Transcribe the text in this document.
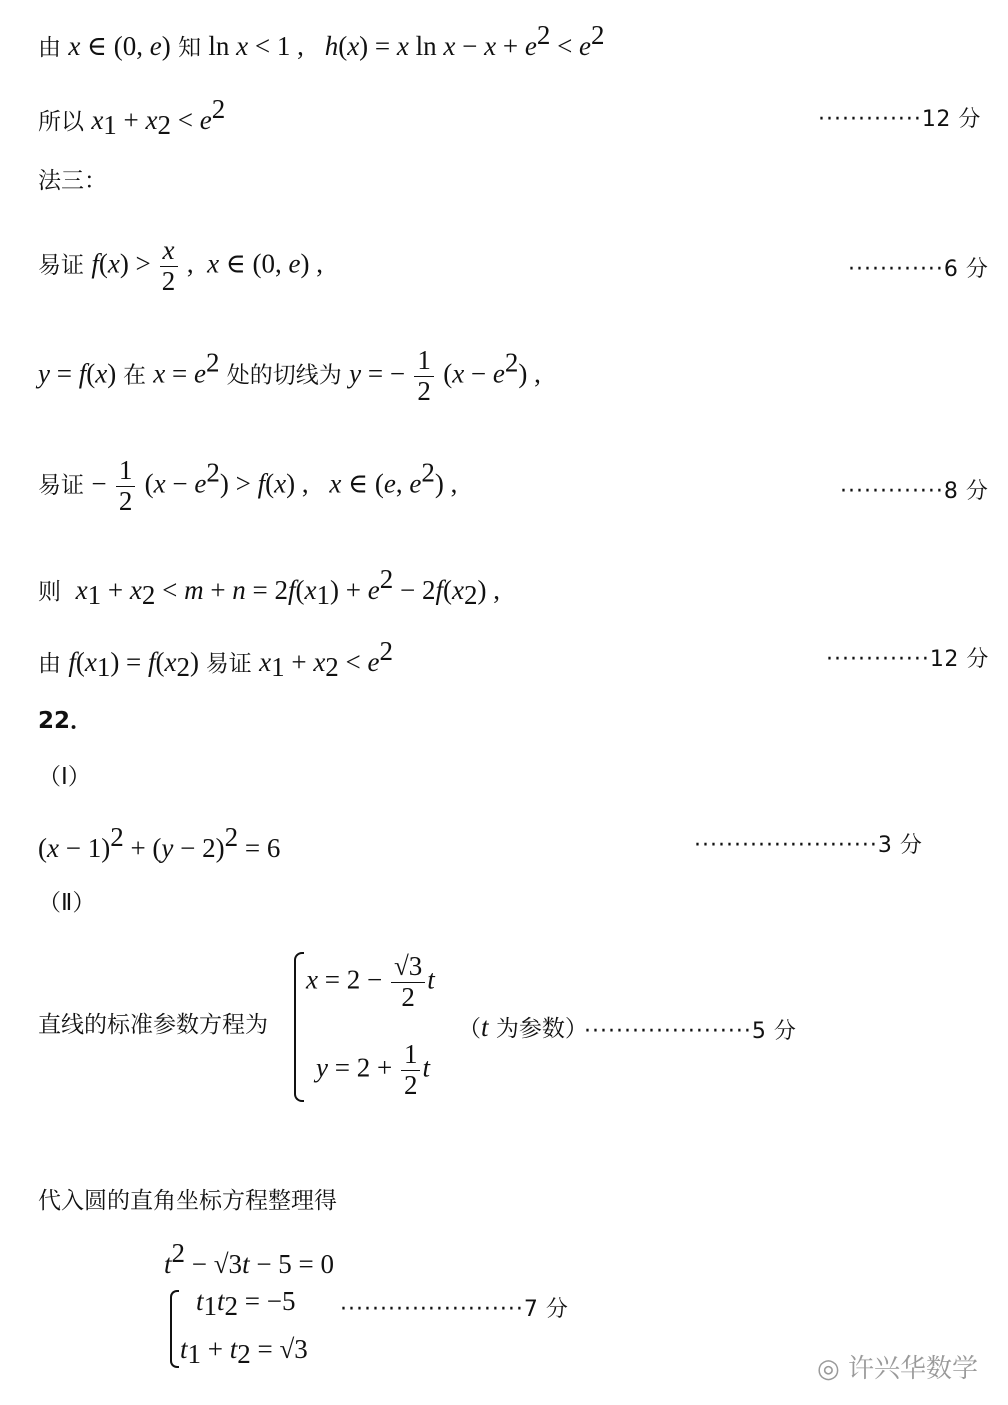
由 x ∈ (0, e) 知 ln x < 1 ,   h(x) = x $\ln x - x + e^2 < e^2$
所以 $x_1 + x_2 < e^2$	·············12 分
法三：
易证 $f(x) > \frac{x}{2}$ ,  x ∈ (0, e) ,	············6 分
y = f(x) 在 $x = e^2$ 处的切线为 y = − $\frac{1}{2} (x - e^2)$ ,
易证 − $\frac{1}{2} (x - e^2) > f(x)$ ,   x ∈ (e, $e^2$) ,	·············8 分
则 $x_1 + x_2 < m + n = 2f(x_1) + e^2 - 2f(x_2)$ ,
由 $f(x_1) = f(x_2)$ 易证 $x_1 + x_2 < e^2$	·············12 分
22．
（Ⅰ）
$(x - 1)^2 + (y - 2)^2 = 6$	·······················3 分
（Ⅱ）
直线的标准参数方程为
$x = 2 - \frac{√3}{2}$ t
$y = 2 + \frac{1}{2}$ t
（t 为参数）
·····················5 分
代入圆的直角坐标方程整理得
$t^2 - √3t - 5 = 0$
$t_1t_2 = -5$
$t_1 + t_2 = √3$
·······················7 分
◎ 许兴华数学
